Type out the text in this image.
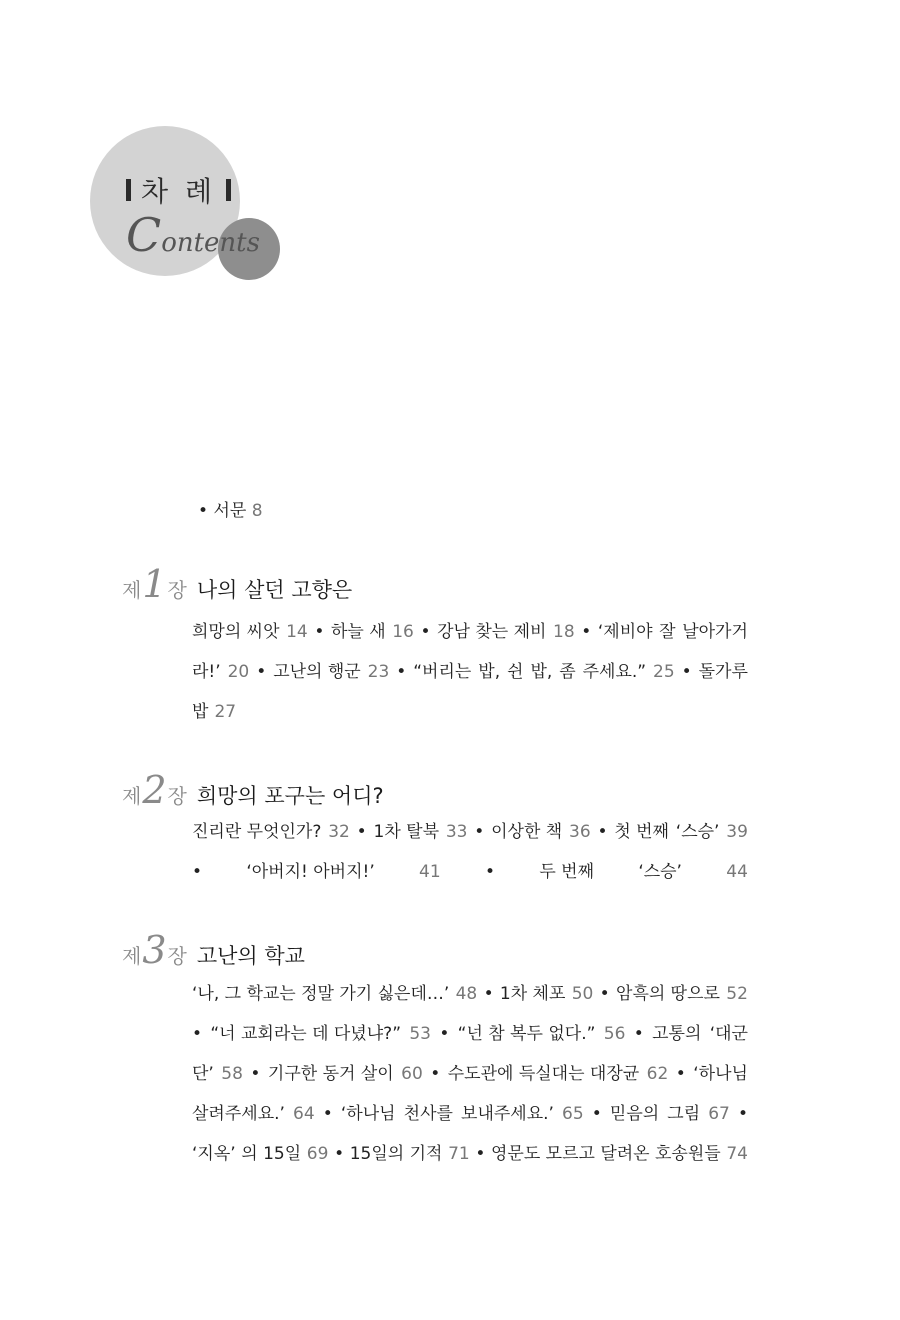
차 례
Contents
• 서문 8
제 1 장 나의 살던 고향은
희망의 씨앗 14 • 하늘 새 16 • 강남 찾는 제비 18 • ‘제비야 잘 날아가거
라!’ 20 • 고난의 행군 23 • “버리는 밥, 쉰 밥, 좀 주세요.” 25 • 돌가루
밥 27
제 2 장 희망의 포구는 어디?
진리란 무엇인가? 32 • 1차 탈북 33 • 이상한 책 36 • 첫 번째 ‘스승’ 39
•	‘아버지! 아버지!’	41	•	두 번째	‘스승’	44
제 3 장 고난의 학교
‘나, 그 학교는 정말 가기 싫은데…’ 48 • 1차 체포 50 • 암흑의 땅으로 52
• “너 교회라는 데 다녔냐?” 53 • “넌 참 복두 없다.” 56 • 고통의 ‘대군
단’ 58 • 기구한 동거 살이 60 • 수도관에 득실대는 대장균 62 • ‘하나님
살려주세요.’ 64 • ‘하나님 천사를 보내주세요.’ 65 • 믿음의 그림 67 •
‘지옥’ 의 15일 69 • 15일의 기적 71 • 영문도 모르고 달려온 호송원들 74
